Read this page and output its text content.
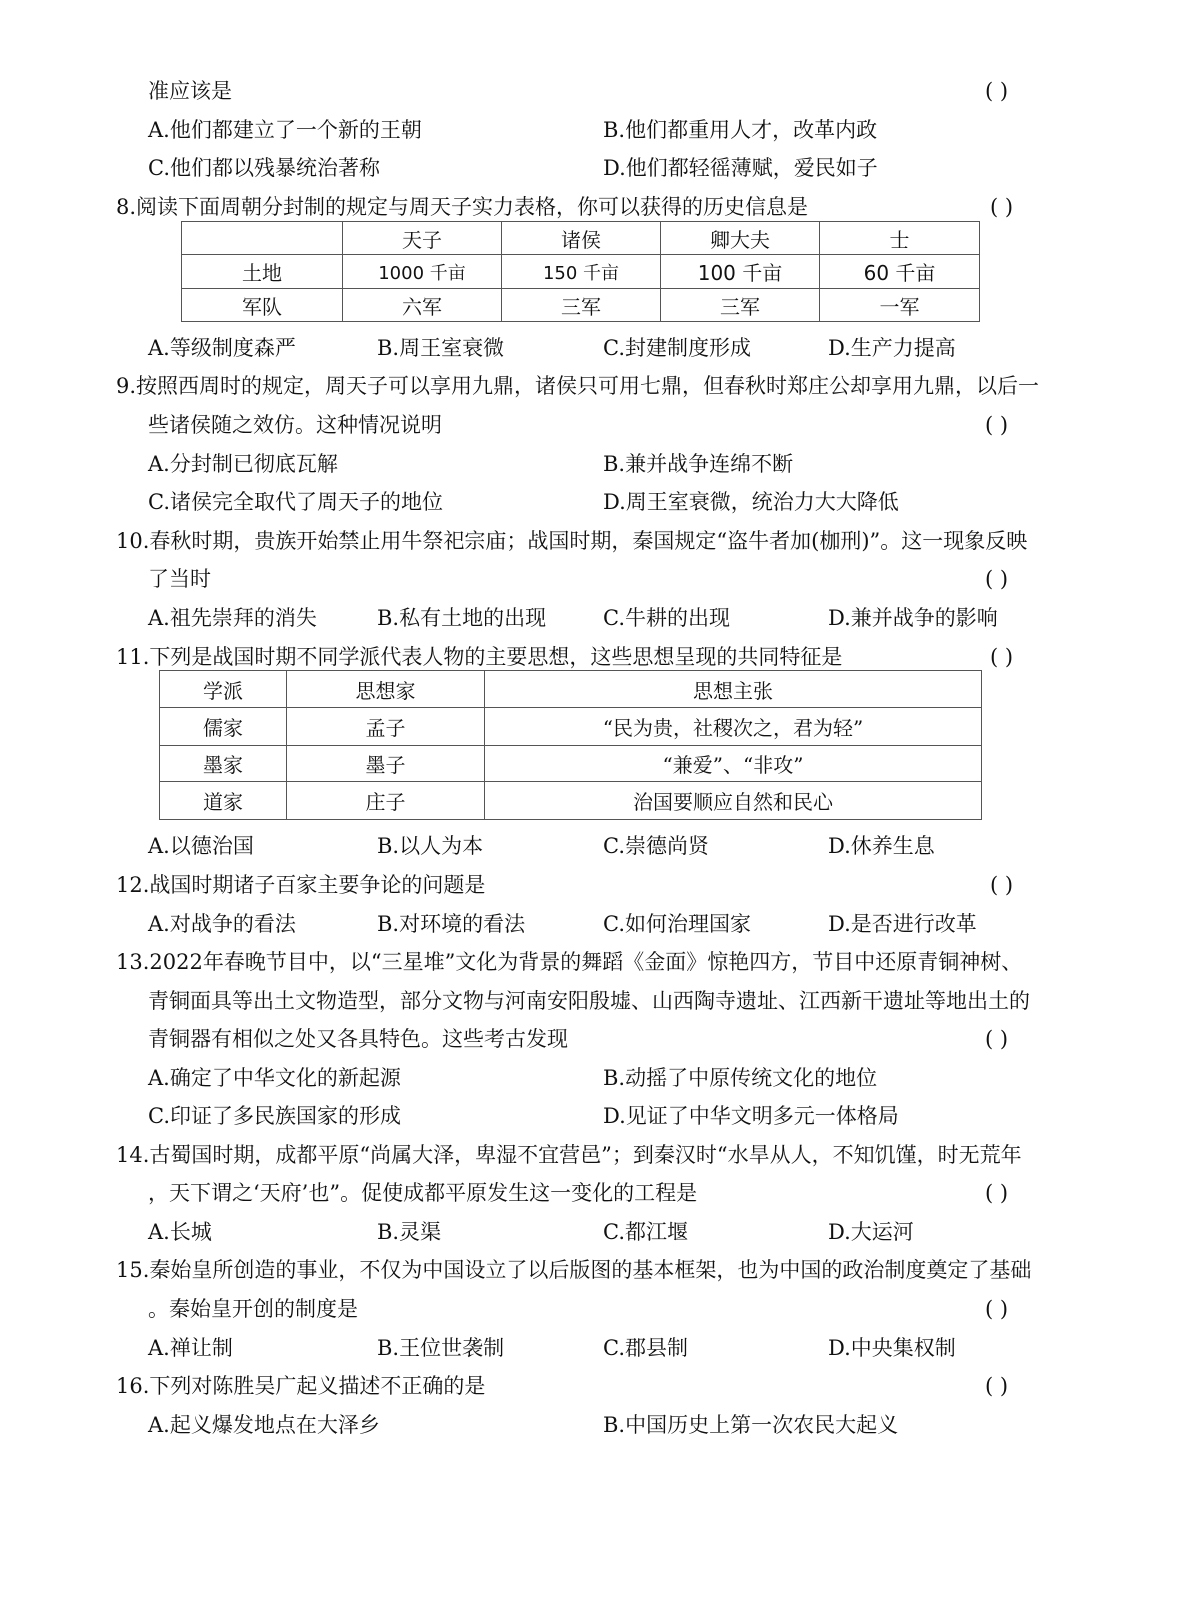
准应该是	( )
A.他们都建立了一个新的王朝	B.他们都重用人才，改革内政
C.他们都以残暴统治著称	D.他们都轻徭薄赋，爱民如子
8.阅读下面周朝分封制的规定与周天子实力表格，你可以获得的历史信息是	( )
	天子	诸侯	卿大夫	士
土地	1000 千亩	150 千亩	100 千亩	60 千亩
军队	六军	三军	三军	一军
A.等级制度森严	B.周王室衰微	C.封建制度形成	D.生产力提高
9.按照西周时的规定，周天子可以享用九鼎，诸侯只可用七鼎，但春秋时郑庄公却享用九鼎，以后一
些诸侯随之效仿。这种情况说明	( )
A.分封制已彻底瓦解	B.兼并战争连绵不断
C.诸侯完全取代了周天子的地位	D.周王室衰微，统治力大大降低
10.春秋时期，贵族开始禁止用牛祭祀宗庙；战国时期，秦国规定“盗牛者加(枷刑)”。这一现象反映
了当时	( )
A.祖先崇拜的消失	B.私有土地的出现	C.牛耕的出现	D.兼并战争的影响
11.下列是战国时期不同学派代表人物的主要思想，这些思想呈现的共同特征是	( )
学派	思想家	思想主张
儒家	孟子	“民为贵，社稷次之，君为轻”
墨家	墨子	“兼爱”、“非攻”
道家	庄子	治国要顺应自然和民心
A.以德治国	B.以人为本	C.崇德尚贤	D.休养生息
12.战国时期诸子百家主要争论的问题是	( )
A.对战争的看法	B.对环境的看法	C.如何治理国家	D.是否进行改革
13.2022年春晚节目中，以“三星堆”文化为背景的舞蹈《金面》惊艳四方，节目中还原青铜神树、
青铜面具等出土文物造型，部分文物与河南安阳殷墟、山西陶寺遗址、江西新干遗址等地出土的
青铜器有相似之处又各具特色。这些考古发现	( )
A.确定了中华文化的新起源	B.动摇了中原传统文化的地位
C.印证了多民族国家的形成	D.见证了中华文明多元一体格局
14.古蜀国时期，成都平原“尚属大泽，卑湿不宜营邑”；到秦汉时“水旱从人，不知饥馑，时无荒年
，天下谓之‘天府’也”。促使成都平原发生这一变化的工程是	( )
A.长城	B.灵渠	C.都江堰	D.大运河
15.秦始皇所创造的事业，不仅为中国设立了以后版图的基本框架，也为中国的政治制度奠定了基础
。秦始皇开创的制度是	( )
A.禅让制	B.王位世袭制	C.郡县制	D.中央集权制
16.下列对陈胜吴广起义描述不正确的是	( )
A.起义爆发地点在大泽乡	B.中国历史上第一次农民大起义
